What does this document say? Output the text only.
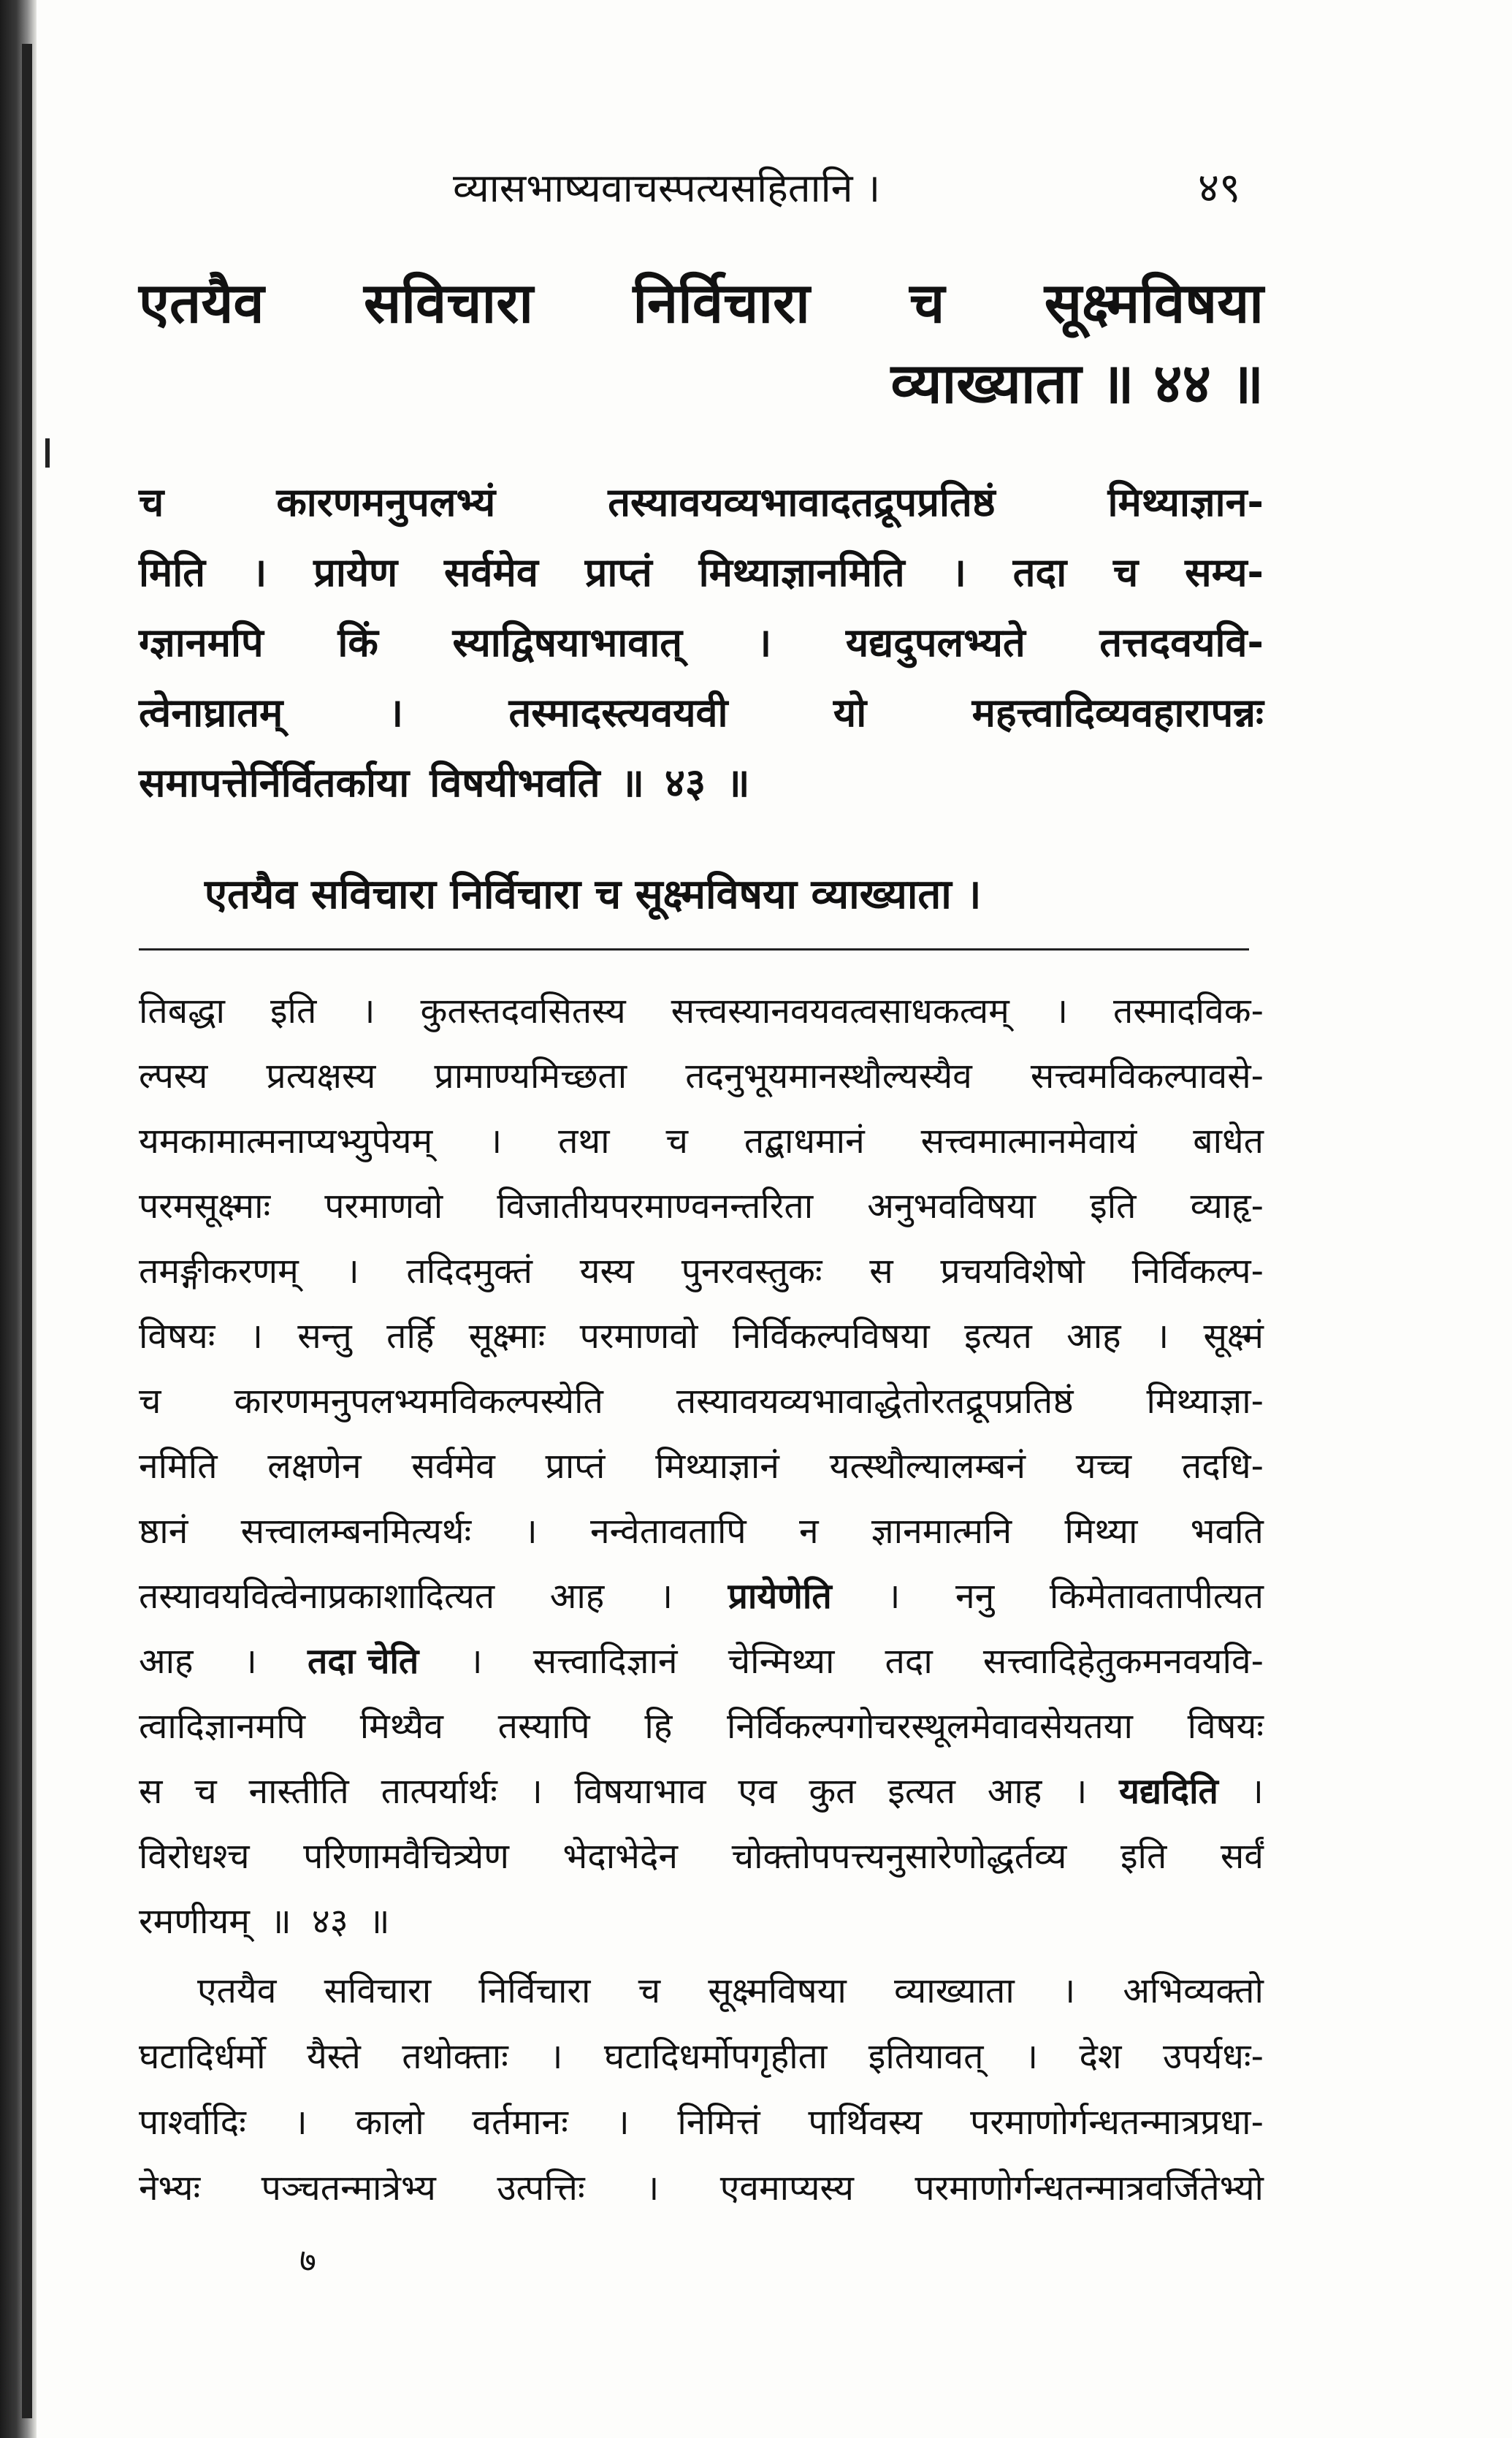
व्यासभाष्यवाचस्पत्यसहितानि ।	४९
एतयैव सविचारा निर्विचारा च सूक्ष्मविषया
व्याख्याता ॥ ४४ ॥
च	कारणमनुपलभ्यं	तस्यावयव्यभावादतद्रूपप्रतिष्ठं	मिथ्याज्ञान-
मिति । प्रायेण सर्वमेव प्राप्तं मिथ्याज्ञानमिति । तदा च सम्य-
ग्ज्ञानमपि किं स्याद्विषयाभावात् । यद्यदुपलभ्यते तत्तदवयवि-
त्वेनाघ्रातम्	।	तस्मादस्त्यवयवी	यो	महत्त्वादिव्यवहारापन्नः
समापत्तेर्निर्वितर्काया विषयीभवति ॥ ४३ ॥
एतयैव सविचारा निर्विचारा च सूक्ष्मविषया व्याख्याता ।
तिबद्धा इति । कुतस्तदवसितस्य सत्त्वस्यानवयवत्वसाधकत्वम् । तस्मादविक-
ल्पस्य प्रत्यक्षस्य प्रामाण्यमिच्छता तदनुभूयमानस्थौल्यस्यैव सत्त्वमविकल्पावसे-
यमकामात्मनाप्यभ्युपेयम् । तथा च तद्बाधमानं सत्त्वमात्मानमेवायं बाधेत
परमसूक्ष्माः परमाणवो विजातीयपरमाण्वनन्तरिता अनुभवविषया इति व्याहृ-
तमङ्गीकरणम् । तदिदमुक्तं यस्य पुनरवस्तुकः स प्रचयविशेषो निर्विकल्प-
विषयः । सन्तु तर्हि सूक्ष्माः परमाणवो निर्विकल्पविषया इत्यत आह । सूक्ष्मं
च कारणमनुपलभ्यमविकल्पस्येति तस्यावयव्यभावाद्धेतोरतद्रूपप्रतिष्ठं मिथ्याज्ञा-
नमिति लक्षणेन सर्वमेव प्राप्तं मिथ्याज्ञानं यत्स्थौल्यालम्बनं यच्च तदधि-
ष्ठानं सत्त्वालम्बनमित्यर्थः । नन्वेतावतापि न ज्ञानमात्मनि मिथ्या भवति
तस्यावयवित्वेनाप्रकाशादित्यत आह । प्रायेणेति । ननु किमेतावतापीत्यत
आह । तदा चेति । सत्त्वादिज्ञानं चेन्मिथ्या तदा सत्त्वादिहेतुकमनवयवि-
त्वादिज्ञानमपि मिथ्यैव तस्यापि हि निर्विकल्पगोचरस्थूलमेवावसेयतया विषयः
स च नास्तीति तात्पर्यार्थः । विषयाभाव एव कुत इत्यत आह । यद्यदिति ।
विरोधश्च परिणामवैचित्र्येण भेदाभेदेन चोक्तोपपत्त्यनुसारेणोद्धर्तव्य इति सर्वं
रमणीयम् ॥ ४३ ॥
एतयैव सविचारा निर्विचारा च सूक्ष्मविषया व्याख्याता । अभिव्यक्तो
घटादिर्धर्मो यैस्ते तथोक्ताः । घटादिधर्मोपगृहीता इतियावत् । देश उपर्यधः-
पार्श्वादिः । कालो वर्तमानः । निमित्तं पार्थिवस्य परमाणोर्गन्धतन्मात्रप्रधा-
नेभ्यः पञ्चतन्मात्रेभ्य उत्पत्तिः । एवमाप्यस्य परमाणोर्गन्धतन्मात्रवर्जितेभ्यो
७
